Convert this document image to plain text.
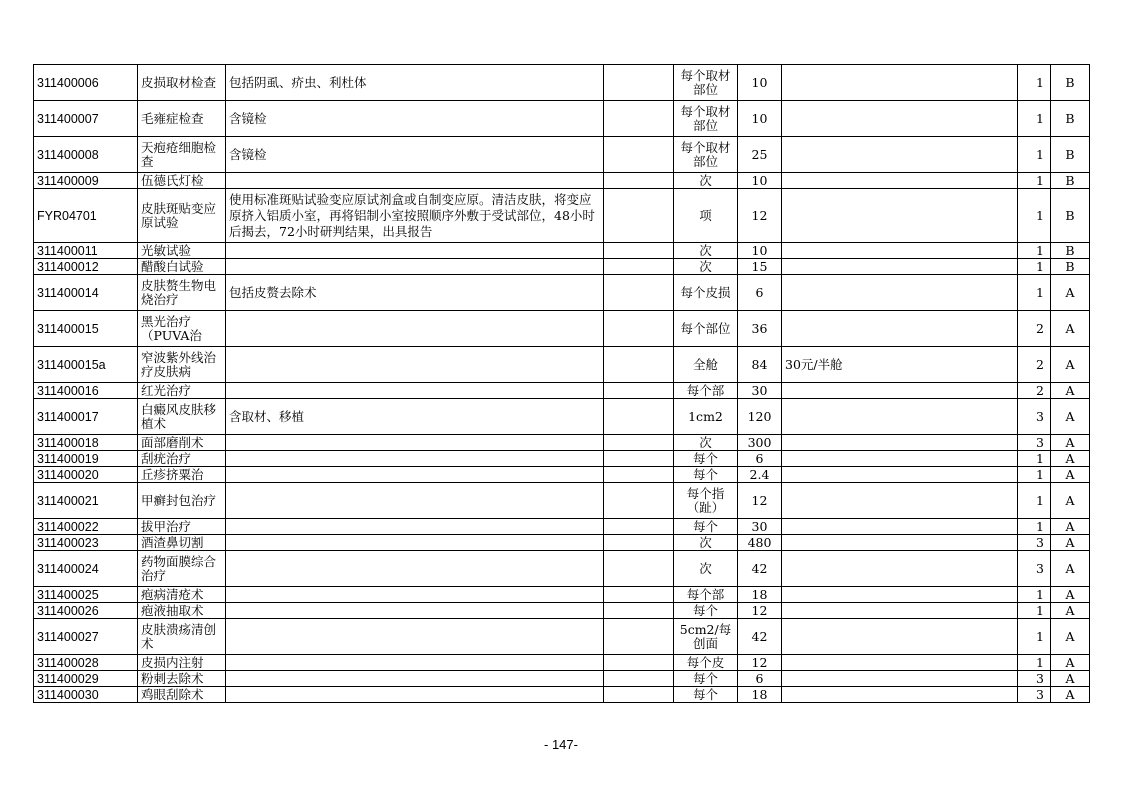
311400006	皮损取材检查	包括阴虱、疥虫、利杜体		每个取材部位	10		1	B
311400007	毛雍症检查	含镜检		每个取材部位	10		1	B
311400008	天疱疮细胞检查	含镜检		每个取材部位	25		1	B
311400009	伍德氏灯检			次	10		1	B
FYR04701	皮肤斑贴变应原试验	使用标准斑贴试验变应原试剂盒或自制变应原。清洁皮肤，将变应原挤入铝质小室，再将铝制小室按照顺序外敷于受试部位，48小时后揭去，72小时研判结果，出具报告		项	12		1	B
311400011	光敏试验			次	10		1	B
311400012	醋酸白试验			次	15		1	B
311400014	皮肤赘生物电烧治疗	包括皮赘去除术		每个皮损	6		1	A
311400015	黑光治疗（PUVA治			每个部位	36		2	A
311400015a	窄波紫外线治疗皮肤病			全舱	84	30元/半舱	2	A
311400016	红光治疗			每个部	30		2	A
311400017	白癜风皮肤移植术	含取材、移植		1cm2	120		3	A
311400018	面部磨削术			次	300		3	A
311400019	刮疣治疗			每个	6		1	A
311400020	丘疹挤粟治			每个	2.4		1	A
311400021	甲癣封包治疗			每个指（趾）	12		1	A
311400022	拔甲治疗			每个	30		1	A
311400023	酒渣鼻切割			次	480		3	A
311400024	药物面膜综合治疗			次	42		3	A
311400025	疱病清疮术			每个部	18		1	A
311400026	疱液抽取术			每个	12		1	A
311400027	皮肤溃疡清创术			5cm2/每创面	42		1	A
311400028	皮损内注射			每个皮	12		1	A
311400029	粉刺去除术			每个	6		3	A
311400030	鸡眼刮除术			每个	18		3	A
- 147-
